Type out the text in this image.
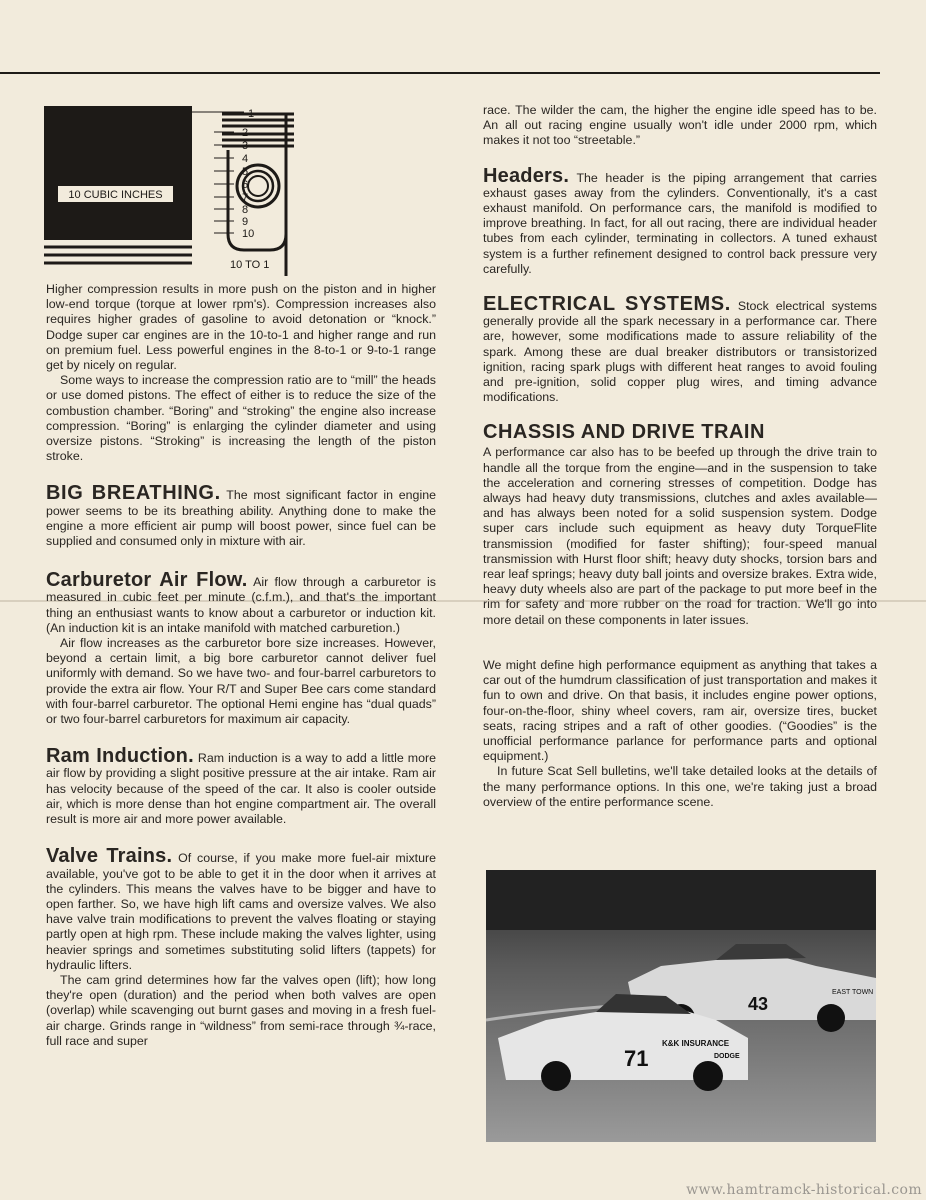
10 CUBIC INCHES
1
2
3
4
5
6
7
8
9
10
10 TO 1

Higher compression results in more push on the piston and in higher low-end torque (torque at lower rpm's). Compression increases also requires higher grades of gasoline to avoid detonation or “knock.” Dodge super car engines are in the 10-to-1 and higher range and run on premium fuel. Less powerful engines in the 8-to-1 or 9-to-1 range get by nicely on regular.

Some ways to increase the compression ratio are to “mill” the heads or use domed pistons. The effect of either is to reduce the size of the combustion chamber. “Boring” and “stroking” the engine also increase compression. “Boring” is enlarging the cylinder diameter and using oversize pistons. “Stroking” is increasing the length of the piston stroke.

BIG BREATHING. The most significant factor in engine power seems to be its breathing ability. Anything done to make the engine a more efficient air pump will boost power, since fuel can be supplied and consumed only in mixture with air.

Carburetor Air Flow. Air flow through a carburetor is measured in cubic feet per minute (c.f.m.), and that's the important thing an enthusiast wants to know about a carburetor or induction kit. (An induction kit is an intake manifold with matched carburetion.)

Air flow increases as the carburetor bore size increases. However, beyond a certain limit, a big bore carburetor cannot deliver fuel uniformly with demand. So we have two- and four-barrel carburetors to provide the extra air flow. Your R/T and Super Bee cars come standard with four-barrel carburetor. The optional Hemi engine has “dual quads” or two four-barrel carburetors for maximum air capacity.

Ram Induction. Ram induction is a way to add a little more air flow by providing a slight positive pressure at the air intake. Ram air has velocity because of the speed of the car. It also is cooler outside air, which is more dense than hot engine compartment air. The overall result is more air and more power available.

Valve Trains. Of course, if you make more fuel-air mixture available, you've got to be able to get it in the door when it arrives at the cylinders. This means the valves have to be bigger and have to open farther. So, we have high lift cams and oversize valves. We also have valve train modifications to prevent the valves floating or staying partly open at high rpm. These include making the valves lighter, using heavier springs and sometimes substituting solid lifters (tappets) for hydraulic lifters.

The cam grind determines how far the valves open (lift); how long they're open (duration) and the period when both valves are open (overlap) while scavenging out burnt gases and moving in a fresh fuel-air charge. Grinds range in “wildness” from semi-race through ¾-race, full race and super

race. The wilder the cam, the higher the engine idle speed has to be. An all out racing engine usually won't idle under 2000 rpm, which makes it not too “streetable.”

Headers. The header is the piping arrangement that carries exhaust gases away from the cylinders. Conventionally, it's a cast exhaust manifold. On performance cars, the manifold is modified to improve breathing. In fact, for all out racing, there are individual header tubes from each cylinder, terminating in collectors. A tuned exhaust system is a further refinement designed to control back pressure very carefully.

ELECTRICAL SYSTEMS. Stock electrical systems generally provide all the spark necessary in a performance car. There are, however, some modifications made to assure reliability of the spark. Among these are dual breaker distributors or transistorized ignition, racing spark plugs with different heat ranges to avoid fouling and pre-ignition, solid copper plug wires, and timing advance modifications.

CHASSIS AND DRIVE TRAIN

A performance car also has to be beefed up through the drive train to handle all the torque from the engine—and in the suspension to take the acceleration and cornering stresses of competition. Dodge has always had heavy duty transmissions, clutches and axles available—and has always been noted for a solid suspension system. Dodge super cars include such equipment as heavy duty TorqueFlite transmission (modified for faster shifting); four-speed manual transmission with Hurst floor shift; heavy duty shocks, torsion bars and rear leaf springs; heavy duty ball joints and oversize brakes. Extra wide, heavy duty wheels also are part of the package to put more beef in the rim for safety and more rubber on the road for traction. We'll go into more detail on these components in later issues.

We might define high performance equipment as anything that takes a car out of the humdrum classification of just transportation and makes it fun to own and drive. On that basis, it includes engine power options, four-on-the-floor, shiny wheel covers, ram air, oversize tires, bucket seats, racing stripes and a raft of other goodies. (“Goodies” is the unofficial performance parlance for performance parts and optional equipment.)

In future Scat Sell bulletins, we'll take detailed looks at the details of the many performance options. In this one, we're taking just a broad overview of the entire performance scene.

43
EAST TOWN
71
K&K INSURANCE
DODGE
www.hamtramck-historical.com
